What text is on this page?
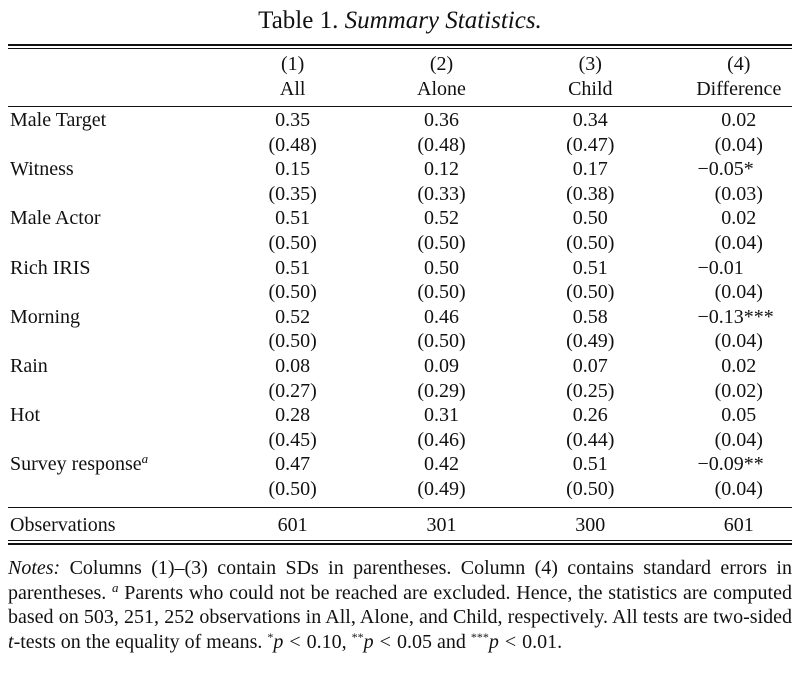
Table 1. Summary Statistics.
	(1)		(2)		(3)		(4)
	All		Alone		Child		Difference

Male Target	0.35		0.36		0.34		0.02
	(0.48)		(0.48)		(0.47)		(0.04)
Witness	0.15		0.12		0.17		−0.05*
	(0.35)		(0.33)		(0.38)		(0.03)
Male Actor	0.51		0.52		0.50		0.02
	(0.50)		(0.50)		(0.50)		(0.04)
Rich IRIS	0.51		0.50		0.51		−0.01
	(0.50)		(0.50)		(0.50)		(0.04)
Morning	0.52		0.46		0.58		−0.13***
	(0.50)		(0.50)		(0.49)		(0.04)
Rain	0.08		0.09		0.07		0.02
	(0.27)		(0.29)		(0.25)		(0.02)
Hot	0.28		0.31		0.26		0.05
	(0.45)		(0.46)		(0.44)		(0.04)
Survey response$^a$	0.47		0.42		0.51		−0.09**
	(0.50)		(0.49)		(0.50)		(0.04)

Observations	601		301		300		601
Notes: Columns (1)–(3) contain SDs in parentheses. Column (4) contains standard errors in parentheses. $^a$ Parents who could not be reached are excluded. Hence, the statistics are computed based on 503, 251, 252 observations in All, Alone, and Child, respectively. All tests are two-sided t-tests on the equality of means. *p < 0.10, **p < 0.05 and ***p < 0.01.
